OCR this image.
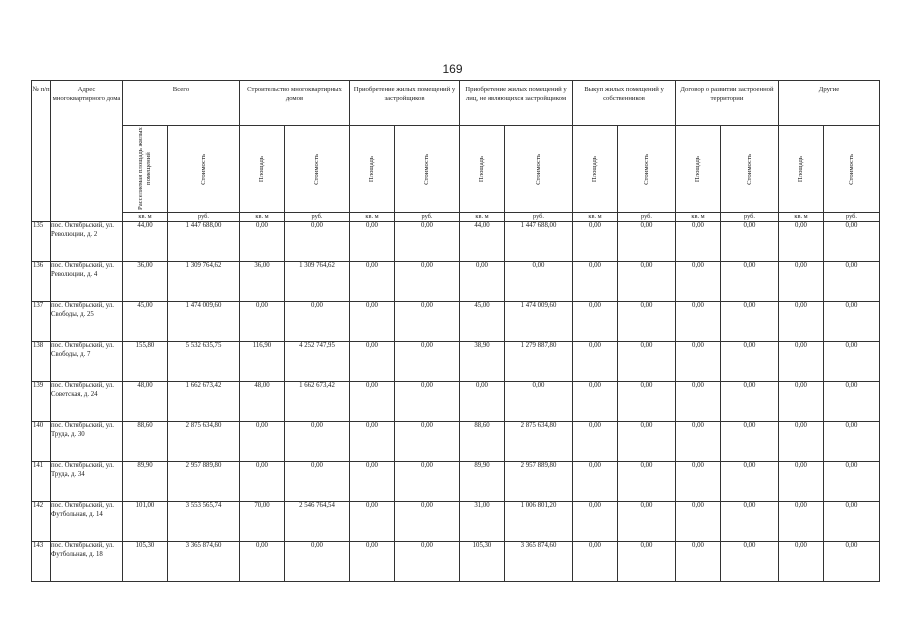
169
№ п/п	Адрес многоквартирного дома	Всего		Строительство многоквартирных домов		Приобретение жилых помещений у застройщиков		Приобретение жилых помещений у лиц, не являющихся застройщиком		Выкуп жилых помещений у собственников		Договор о развитии застроенной территории		Другие	

		Расселяемая площадь жилых помещений	Стоимость	Площадь	Стоимость	Площадь	Стоимость	Площадь	Стоимость	Площадь	Стоимость	Площадь	Стоимость	Площадь	Стоимость

		кв. м	руб.	кв. м	руб.	кв. м	руб.	кв. м	руб.	кв. м	руб.	кв. м	руб.	кв. м	руб.
135	пос. Октябрьский, ул. Революции, д. 2	44,00	1 447 688,00	0,00	0,00	0,00	0,00	44,00	1 447 688,00	0,00	0,00	0,00	0,00	0,00	0,00
136	пос. Октябрьский, ул. Революции, д. 4	36,00	1 309 764,62	36,00	1 309 764,62	0,00	0,00	0,00	0,00	0,00	0,00	0,00	0,00	0,00	0,00
137	пос. Октябрьский, ул. Свободы, д. 25	45,00	1 474 009,60	0,00	0,00	0,00	0,00	45,00	1 474 009,60	0,00	0,00	0,00	0,00	0,00	0,00
138	пос. Октябрьский, ул. Свободы, д. 7	155,80	5 532 635,75	116,90	4 252 747,95	0,00	0,00	38,90	1 279 887,80	0,00	0,00	0,00	0,00	0,00	0,00
139	пос. Октябрьский, ул. Советская, д. 24	48,00	1 662 673,42	48,00	1 662 673,42	0,00	0,00	0,00	0,00	0,00	0,00	0,00	0,00	0,00	0,00
140	пос. Октябрьский, ул. Труда, д. 30	88,60	2 875 634,80	0,00	0,00	0,00	0,00	88,60	2 875 634,80	0,00	0,00	0,00	0,00	0,00	0,00
141	пос. Октябрьский, ул. Труда, д. 34	89,90	2 957 889,80	0,00	0,00	0,00	0,00	89,90	2 957 889,80	0,00	0,00	0,00	0,00	0,00	0,00
142	пос. Октябрьский, ул. Футбольная, д. 14	101,00	3 553 565,74	70,00	2 546 764,54	0,00	0,00	31,00	1 006 801,20	0,00	0,00	0,00	0,00	0,00	0,00
143	пос. Октябрьский, ул. Футбольная, д. 18	105,30	3 365 874,60	0,00	0,00	0,00	0,00	105,30	3 365 874,60	0,00	0,00	0,00	0,00	0,00	0,00
